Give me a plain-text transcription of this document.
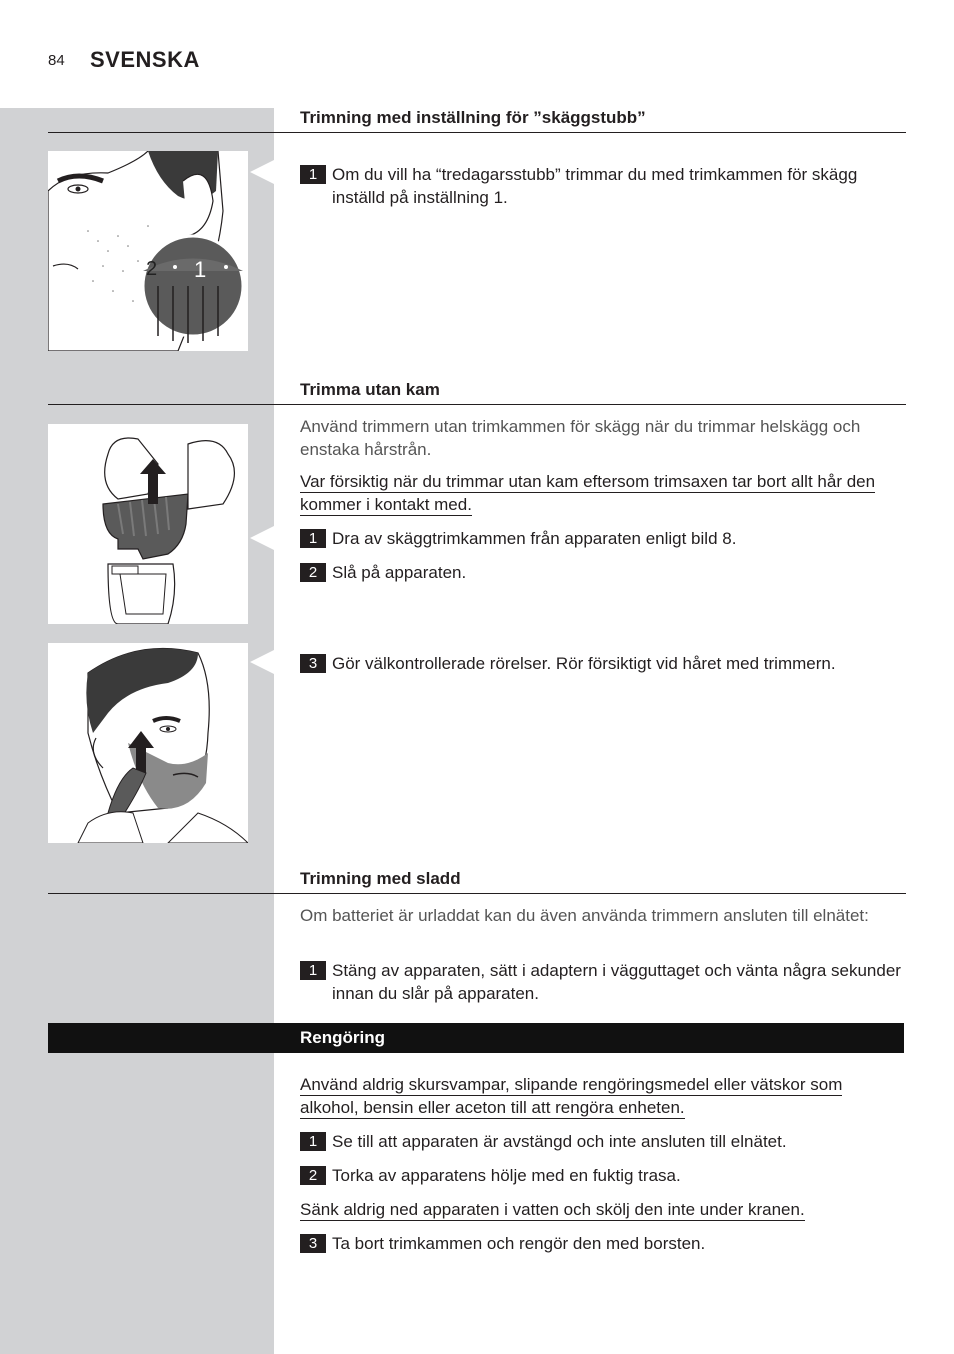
84 SVENSKA
Trimning med inställning för ”skäggstubb”
2 1
1 Om du vill ha “tredagarsstubb” trimmar du med trimkammen för skägg inställd på inställning 1.
Trimma utan kam
Använd trimmern utan trimkammen för skägg när du trimmar helskägg och enstaka hårstrån.
Var försiktig när du trimmar utan kam eftersom trimsaxen tar bort allt hår den kommer i kontakt med.
1 Dra av skäggtrimkammen från apparaten enligt bild 8.
2 Slå på apparaten.
3 Gör välkontrollerade rörelser. Rör försiktigt vid håret med trimmern.
Trimning med sladd
Om batteriet är urladdat kan du även använda trimmern ansluten till elnätet:
1 Stäng av apparaten, sätt i adaptern i vägguttaget och vänta några sekunder innan du slår på apparaten.
Rengöring
Använd aldrig skursvampar, slipande rengöringsmedel eller vätskor som alkohol, bensin eller aceton till att rengöra enheten.
1 Se till att apparaten är avstängd och inte ansluten till elnätet.
2 Torka av apparatens hölje med en fuktig trasa.
Sänk aldrig ned apparaten i vatten och skölj den inte under kranen.
3 Ta bort trimkammen och rengör den med borsten.
